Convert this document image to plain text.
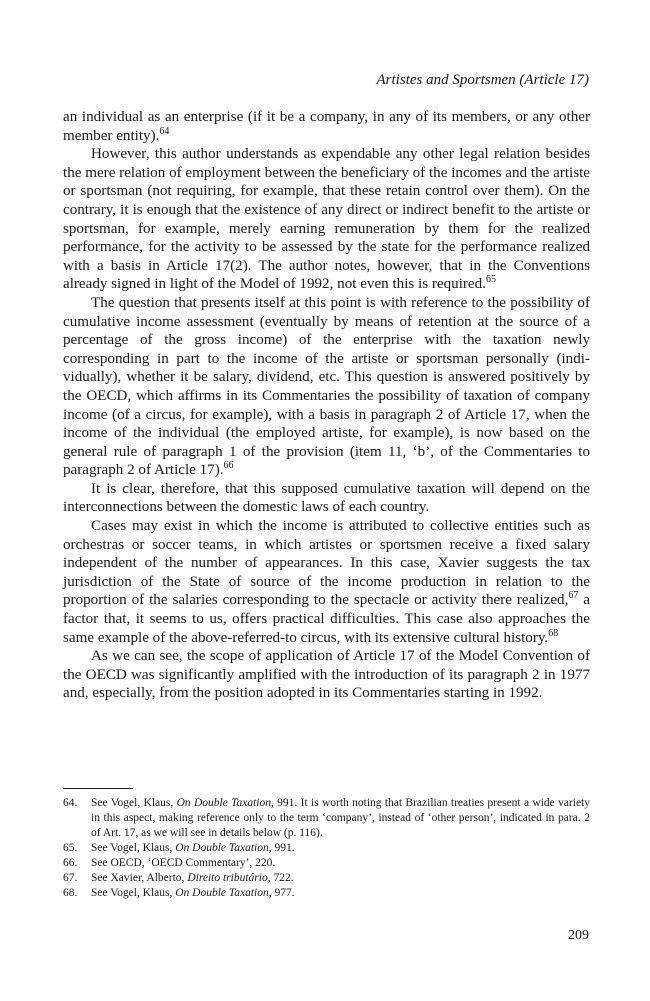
Artistes and Sportsmen (Article 17)

an individual as an enterprise (if it be a company, in any of its members, or any other member entity).$^{64}$

However, this author understands as expendable any other legal relation besides the mere relation of employment between the beneficiary of the incomes and the artiste or sportsman (not requiring, for example, that these retain control over them). On the contrary, it is enough that the existence of any direct or indirect benefit to the artiste or sportsman, for example, merely earning remuneration by them for the realized performance, for the activity to be assessed by the state for the performance realized with a basis in Article 17(2). The author notes, however, that in the Conventions already signed in light of the Model of 1992, not even this is required.$^{65}$

The question that presents itself at this point is with reference to the possibility of cumulative income assessment (eventually by means of retention at the source of a percentage of the gross income) of the enterprise with the taxation newly corresponding in part to the income of the artiste or sportsman personally (individually), whether it be salary, dividend, etc. This question is answered positively by the OECD, which affirms in its Commentaries the possibility of taxation of company income (of a circus, for example), with a basis in paragraph 2 of Article 17, when the income of the individual (the employed artiste, for example), is now based on the general rule of paragraph 1 of the provision (item 11, ‘b’, of the Commentaries to paragraph 2 of Article 17).$^{66}$

It is clear, therefore, that this supposed cumulative taxation will depend on the interconnections between the domestic laws of each country.

Cases may exist in which the income is attributed to collective entities such as orchestras or soccer teams, in which artistes or sportsmen receive a fixed salary independent of the number of appearances. In this case, Xavier suggests the tax jurisdiction of the State of source of the income production in relation to the proportion of the salaries corresponding to the spectacle or activity there realized,$^{67}$ a factor that, it seems to us, offers practical difficulties. This case also approaches the same example of the above-referred-to circus, with its extensive cultural history.$^{68}$

As we can see, the scope of application of Article 17 of the Model Convention of the OECD was significantly amplified with the introduction of its paragraph 2 in 1977 and, especially, from the position adopted in its Commentaries starting in 1992.

64.	See Vogel, Klaus, On Double Taxation, 991. It is worth noting that Brazilian treaties present a wide variety in this aspect, making reference only to the term ‘company’, instead of ‘other person’, indicated in para. 2 of Art. 17, as we will see in details below (p. 116).
65.	See Vogel, Klaus, On Double Taxation, 991.
66.	See OECD, ‘OECD Commentary’, 220.
67.	See Xavier, Alberto, Direito tributário, 722.
68.	See Vogel, Klaus, On Double Taxation, 977.
209
